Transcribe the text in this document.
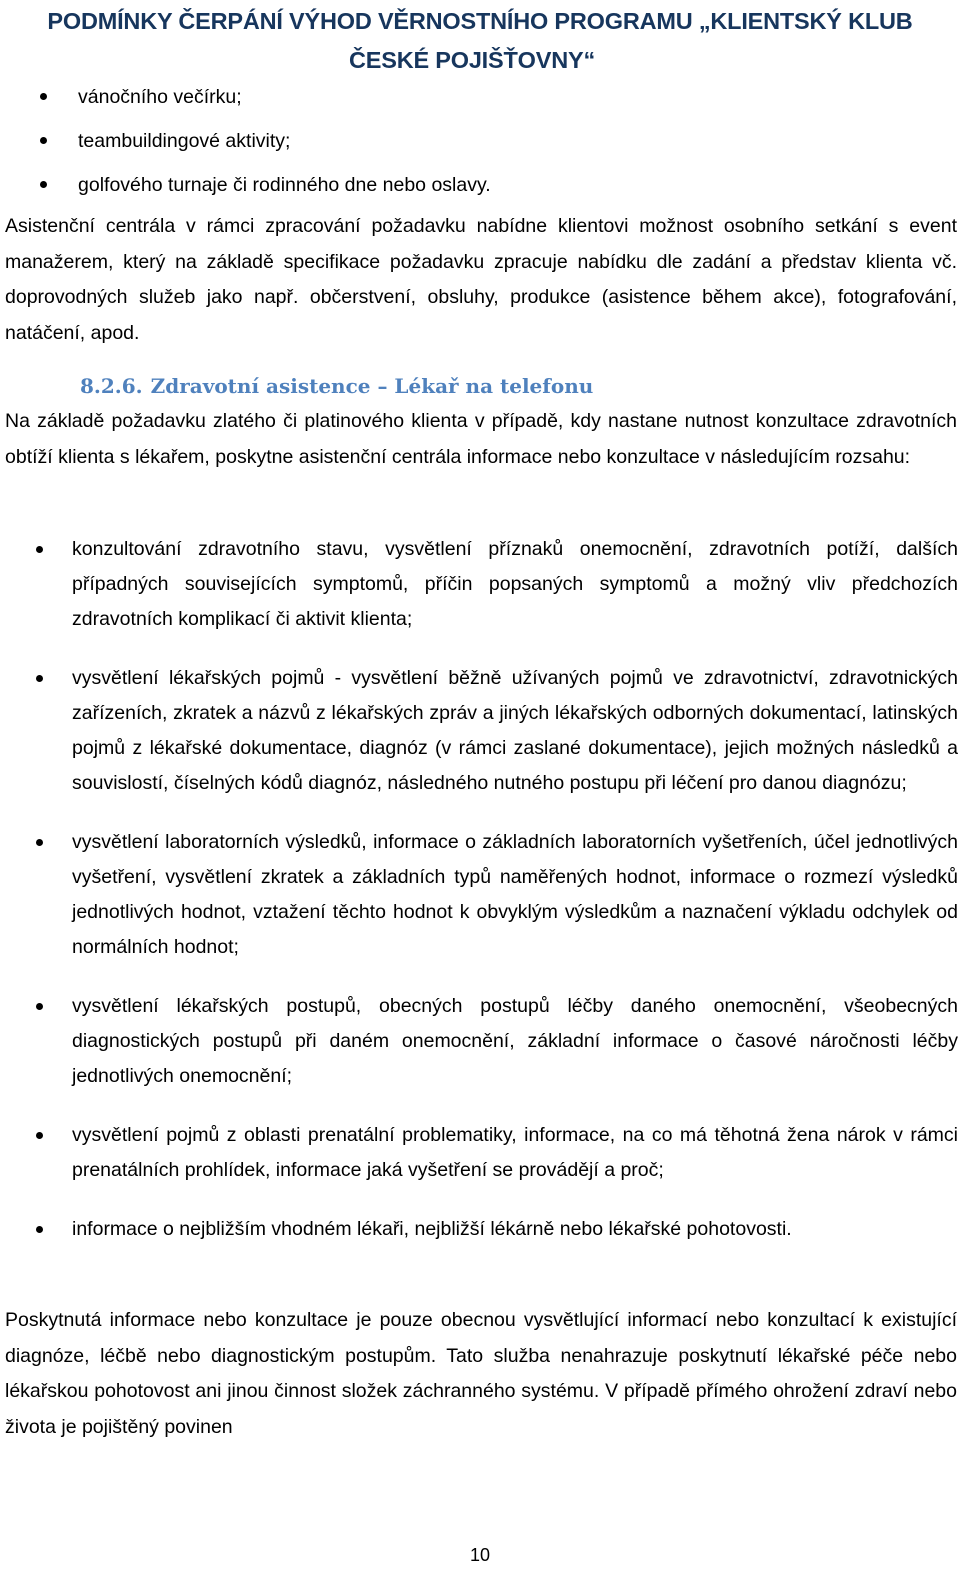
PODMÍNKY ČERPÁNÍ VÝHOD VĚRNOSTNÍHO PROGRAMU „KLIENTSKÝ KLUB
ČESKÉ POJIŠŤOVNY“
vánočního večírku;
teambuildingové aktivity;
golfového turnaje či rodinného dne nebo oslavy.
Asistenční centrála v rámci zpracování požadavku nabídne klientovi možnost osobního setkání s event manažerem, který na základě specifikace požadavku zpracuje nabídku dle zadání a představ klienta vč. doprovodných služeb jako např. občerstvení, obsluhy, produkce (asistence během akce), fotografování, natáčení, apod.
8.2.6. Zdravotní asistence – Lékař na telefonu
Na základě požadavku zlatého či platinového klienta v případě, kdy nastane nutnost konzultace zdravotních obtíží klienta s lékařem, poskytne asistenční centrála informace nebo konzultace v následujícím rozsahu:
konzultování zdravotního stavu, vysvětlení příznaků onemocnění, zdravotních potíží, dalších případných souvisejících symptomů, příčin popsaných symptomů a možný vliv předchozích zdravotních komplikací či aktivit klienta;
vysvětlení lékařských pojmů - vysvětlení běžně užívaných pojmů ve zdravotnictví, zdravotnických zařízeních, zkratek a názvů z lékařských zpráv a jiných lékařských odborných dokumentací, latinských pojmů z lékařské dokumentace, diagnóz (v rámci zaslané dokumentace), jejich možných následků a souvislostí, číselných kódů diagnóz, následného nutného postupu při léčení pro danou diagnózu;
vysvětlení laboratorních výsledků, informace o základních laboratorních vyšetřeních, účel jednotlivých vyšetření, vysvětlení zkratek a základních typů naměřených hodnot, informace o rozmezí výsledků jednotlivých hodnot, vztažení těchto hodnot k obvyklým výsledkům a naznačení výkladu odchylek od normálních hodnot;
vysvětlení lékařských postupů, obecných postupů léčby daného onemocnění, všeobecných diagnostických postupů při daném onemocnění, základní informace o časové náročnosti léčby jednotlivých onemocnění;
vysvětlení pojmů z oblasti prenatální problematiky, informace, na co má těhotná žena nárok v rámci prenatálních prohlídek, informace jaká vyšetření se provádějí a proč;
informace o nejbližším vhodném lékaři, nejbližší lékárně nebo lékařské pohotovosti.
Poskytnutá informace nebo konzultace je pouze obecnou vysvětlující informací nebo konzultací k existující diagnóze, léčbě nebo diagnostickým postupům. Tato služba nenahrazuje poskytnutí lékařské péče nebo lékařskou pohotovost ani jinou činnost složek záchranného systému. V případě přímého ohrožení zdraví nebo života je pojištěný povinen
10
